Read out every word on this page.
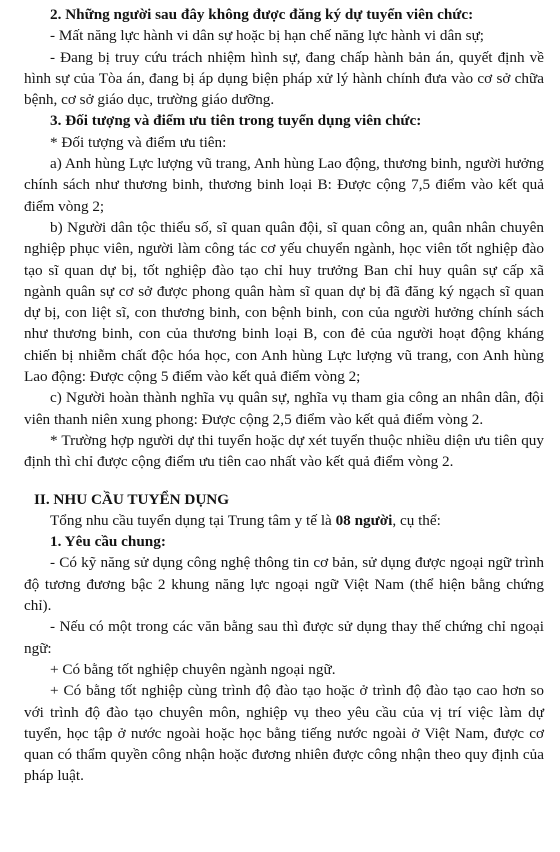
2. Những người sau đây không được đăng ký dự tuyển viên chức:

- Mất năng lực hành vi dân sự hoặc bị hạn chế năng lực hành vi dân sự;

- Đang bị truy cứu trách nhiệm hình sự, đang chấp hành bản án, quyết định về hình sự của Tòa án, đang bị áp dụng biện pháp xử lý hành chính đưa vào cơ sở chữa bệnh, cơ sở giáo dục, trường giáo dưỡng.

3. Đối tượng và điểm ưu tiên trong tuyển dụng viên chức:

* Đối tượng và điểm ưu tiên:

a) Anh hùng Lực lượng vũ trang, Anh hùng Lao động, thương binh, người hưởng chính sách như thương binh, thương binh loại B: Được cộng 7,5 điểm vào kết quả điểm vòng 2;

b) Người dân tộc thiểu số, sĩ quan quân đội, sĩ quan công an, quân nhân chuyên nghiệp phục viên, người làm công tác cơ yếu chuyển ngành, học viên tốt nghiệp đào tạo sĩ quan dự bị, tốt nghiệp đào tạo chỉ huy trưởng Ban chỉ huy quân sự cấp xã ngành quân sự cơ sở được phong quân hàm sĩ quan dự bị đã đăng ký ngạch sĩ quan dự bị, con liệt sĩ, con thương binh, con bệnh binh, con của người hưởng chính sách như thương binh, con của thương binh loại B, con đẻ của người hoạt động kháng chiến bị nhiễm chất độc hóa học, con Anh hùng Lực lượng vũ trang, con Anh hùng Lao động: Được cộng 5 điểm vào kết quả điểm vòng 2;

c) Người hoàn thành nghĩa vụ quân sự, nghĩa vụ tham gia công an nhân dân, đội viên thanh niên xung phong: Được cộng 2,5 điểm vào kết quả điểm vòng 2.

* Trường hợp người dự thi tuyển hoặc dự xét tuyển thuộc nhiều diện ưu tiên quy định thì chỉ được cộng điểm ưu tiên cao nhất vào kết quả điểm vòng 2.

II. NHU CẦU TUYỂN DỤNG

Tổng nhu cầu tuyển dụng tại Trung tâm y tế là 08 người, cụ thể:

1. Yêu cầu chung:

- Có kỹ năng sử dụng công nghệ thông tin cơ bản, sử dụng được ngoại ngữ trình độ tương đương bậc 2 khung năng lực ngoại ngữ Việt Nam (thể hiện bằng chứng chỉ).

- Nếu có một trong các văn bằng sau thì được sử dụng thay thế chứng chỉ ngoại ngữ:

+ Có bằng tốt nghiệp chuyên ngành ngoại ngữ.

+ Có bằng tốt nghiệp cùng trình độ đào tạo hoặc ở trình độ đào tạo cao hơn so với trình độ đào tạo chuyên môn, nghiệp vụ theo yêu cầu của vị trí việc làm dự tuyển, học tập ở nước ngoài hoặc học bằng tiếng nước ngoài ở Việt Nam, được cơ quan có thẩm quyền công nhận hoặc đương nhiên được công nhận theo quy định của pháp luật.
